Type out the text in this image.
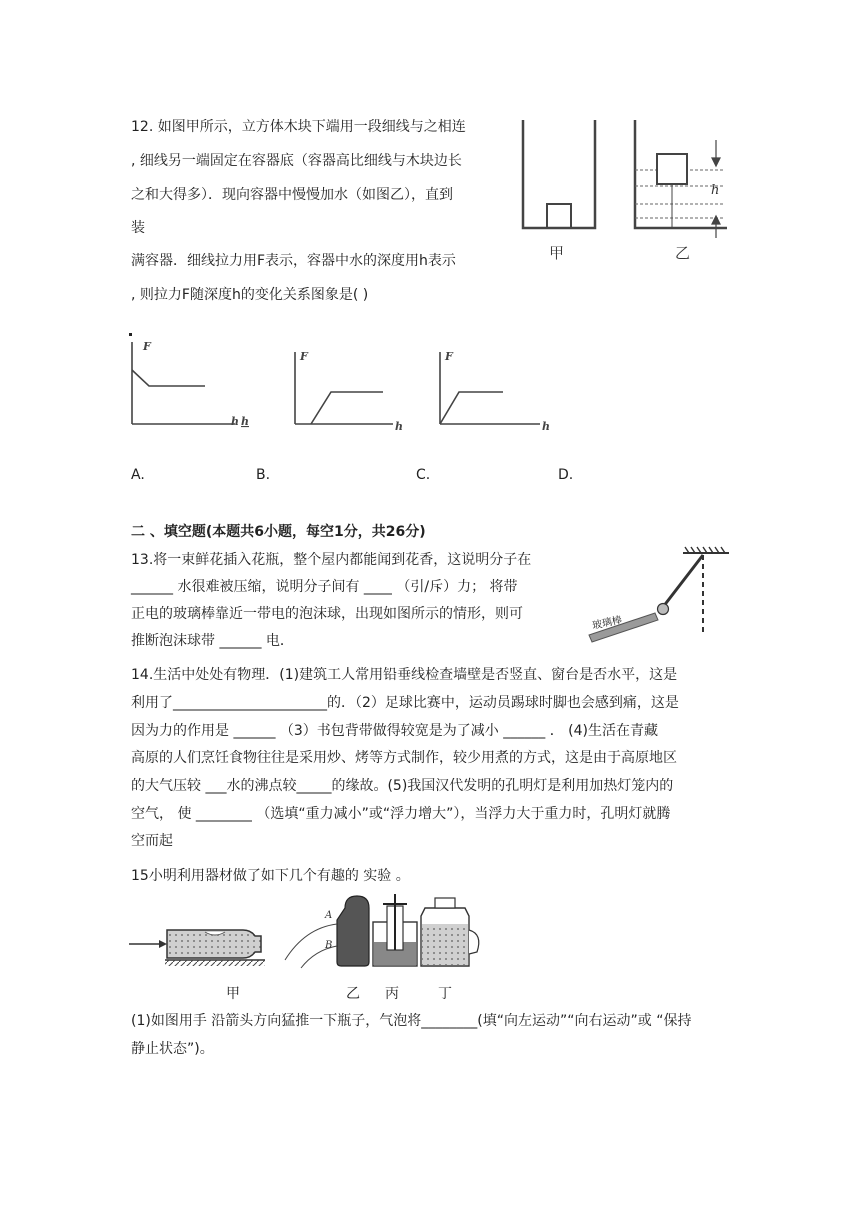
12. 如图甲所示，立方体木块下端用一段细线与之相连
, 细线另一端固定在容器底（容器高比细线与木块边长
之和大得多）．现向容器中慢慢加水（如图乙），直到
装
满容器．细线拉力用F表示，容器中水的深度用h表示
, 则拉力F随深度h的变化关系图象是( )
h
甲	乙
F
h h
F
h
F
h
A.	B.	C.	D.
二 、填空题(本题共6小题，每空1分，共26分)
13.将一束鲜花插入花瓶，整个屋内都能闻到花香，这说明分子在
______ 水很难被压缩，说明分子间有 ____ （引/斥）力； 将带
正电的玻璃棒靠近一带电的泡沫球，出现如图所示的情形，则可
推断泡沫球带 ______ 电．
玻璃棒
14.生活中处处有物理．(1)建筑工人常用铅垂线检查墙壁是否竖直、窗台是否水平，这是
利用了______________________的．（2）足球比赛中，运动员踢球时脚也会感到痛，这是
因为力的作用是 ______ （3）书包背带做得较宽是为了减小 ______ ． (4)生活在青藏
高原的人们烹饪食物往往是采用炒、烤等方式制作，较少用煮的方式，这是由于高原地区
的大气压较 ___水的沸点较_____的缘故。(5)我国汉代发明的孔明灯是利用加热灯笼内的
空气， 使 ________ （选填“重力减小”或“浮力增大”），当浮力大于重力时，孔明灯就腾
空而起
15小明利用器材做了如下几个有趣的 实验 。
A
B
甲	乙 丙	丁
(1)如图用手 沿箭头方向猛推一下瓶子，气泡将________(填“向左运动”“向右运动”或 “保持
静止状态”)。
